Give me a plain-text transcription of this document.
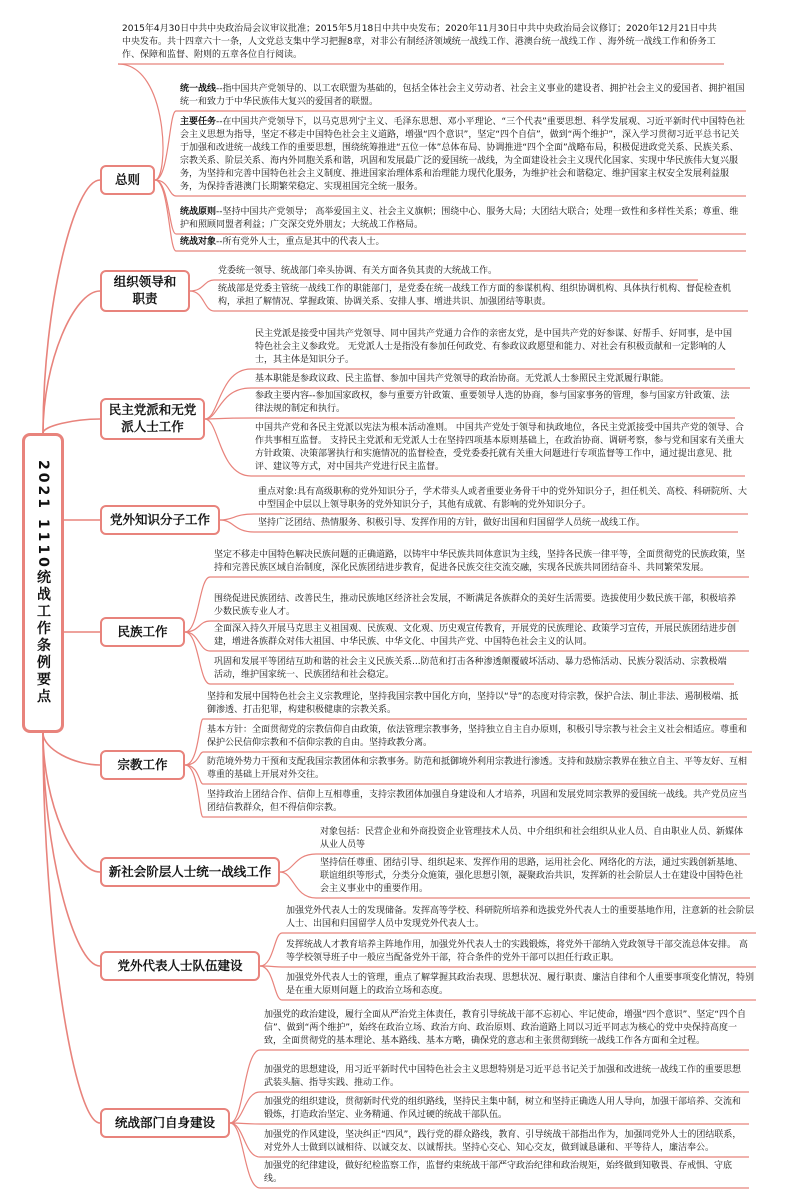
2021 1110统战工作条例要点
总则
组织领导和职责
民主党派和无党派人士工作
党外知识分子工作
民族工作
宗教工作
新社会阶层人士统一战线工作
党外代表人士队伍建设
统战部门自身建设
2015年4月30日中共中央政治局会议审议批准；2015年5月18日中共中央发布；2020年11月30日中共中央政治局会议修订；2020年12月21日中共中央发布。共十四章六十一条，人文党总支集中学习把握8章，对非公有制经济领域统一战线工作、港澳台统一战线工作 、海外统一战线工作和侨务工作、保障和监督、附则的五章各位自行阅读。
统一战线--指中国共产党领导的、以工农联盟为基础的，包括全体社会主义劳动者、社会主义事业的建设者、拥护社会主义的爱国者、拥护祖国统一和致力于中华民族伟大复兴的爱国者的联盟。
主要任务--在中国共产党领导下，以马克思列宁主义、毛泽东思想、邓小平理论、“三个代表”重要思想、科学发展观、习近平新时代中国特色社会主义思想为指导，坚定不移走中国特色社会主义道路，增强“四个意识”，坚定“四个自信”，做到“两个维护”，深入学习贯彻习近平总书记关于加强和改进统一战线工作的重要思想，围绕统筹推进“五位一体”总体布局、协调推进“四个全面”战略布局，积极促进政党关系、民族关系、宗教关系、阶层关系、海内外同胞关系和谐，巩固和发展最广泛的爱国统一战线，为全面建设社会主义现代化国家、实现中华民族伟大复兴服务，为坚持和完善中国特色社会主义制度、推进国家治理体系和治理能力现代化服务，为维护社会和谐稳定、维护国家主权安全发展利益服务，为保持香港澳门长期繁荣稳定、实现祖国完全统一服务。
统战原则--坚持中国共产党领导； 高举爱国主义、社会主义旗帜；围绕中心、服务大局；大团结大联合；处理一致性和多样性关系；尊重、维护和照顾同盟者利益；广交深交党外朋友；大统战工作格局。
统战对象--所有党外人士，重点是其中的代表人士。
党委统一领导、统战部门牵头协调、有关方面各负其责的大统战工作。
统战部是党委主管统一战线工作的职能部门，是党委在统一战线工作方面的参谋机构、组织协调机构、具体执行机构、督促检查机构，承担了解情况、掌握政策、协调关系、安排人事、增进共识、加强团结等职责。
民主党派是接受中国共产党领导、同中国共产党通力合作的亲密友党，是中国共产党的好参谋、好帮手、好同事，是中国特色社会主义参政党。 无党派人士是指没有参加任何政党、有参政议政愿望和能力、对社会有积极贡献和一定影响的人士，其主体是知识分子。
基本职能是参政议政、民主监督、参加中国共产党领导的政治协商。无党派人士参照民主党派履行职能。
参政主要内容--参加国家政权，参与重要方针政策、重要领导人选的协商，参与国家事务的管理，参与国家方针政策、法律法规的制定和执行。
中国共产党和各民主党派以宪法为根本活动准则。 中国共产党处于领导和执政地位，各民主党派接受中国共产党的领导、合作共事相互监督。 支持民主党派和无党派人士在坚持四项基本原则基础上，在政治协商、调研考察，参与党和国家有关重大方针政策、决策部署执行和实施情况的监督检查，受党委委托就有关重大问题进行专项监督等工作中，通过提出意见、批评、建议等方式，对中国共产党进行民主监督。
重点对象:具有高级职称的党外知识分子，学术带头人或者重要业务骨干中的党外知识分子，担任机关、高校、科研院所、大中型国企中层以上领导职务的党外知识分子，其他有成就、有影响的党外知识分子。
坚持广泛团结、热情服务、积极引导、发挥作用的方针，做好出国和归国留学人员统一战线工作。
坚定不移走中国特色解决民族问题的正确道路，以铸牢中华民族共同体意识为主线，坚持各民族一律平等，全面贯彻党的民族政策，坚持和完善民族区域自治制度，深化民族团结进步教育，促进各民族交往交流交融，实现各民族共同团结奋斗、共同繁荣发展。
围绕促进民族团结、改善民生，推动民族地区经济社会发展，不断满足各族群众的美好生活需要。选拔使用少数民族干部，积极培养少数民族专业人才。
全面深入持久开展马克思主义祖国观、民族观、文化观、历史观宣传教育，开展党的民族理论、政策学习宣传，开展民族团结进步创建，增进各族群众对伟大祖国、中华民族、中华文化、中国共产党、中国特色社会主义的认同。
巩固和发展平等团结互助和谐的社会主义民族关系...防范和打击各种渗透颠覆破坏活动、暴力恐怖活动、民族分裂活动、宗教极端活动，维护国家统一、民族团结和社会稳定。
坚持和发展中国特色社会主义宗教理论，坚持我国宗教中国化方向，坚持以“导”的态度对待宗教，保护合法、制止非法、遏制极端、抵御渗透、打击犯罪，构建积极健康的宗教关系。
基本方针：全面贯彻党的宗教信仰自由政策，依法管理宗教事务，坚持独立自主自办原则，积极引导宗教与社会主义社会相适应。尊重和保护公民信仰宗教和不信仰宗教的自由。坚持政教分离。
防范境外势力干预和支配我国宗教团体和宗教事务。防范和抵御境外利用宗教进行渗透。支持和鼓励宗教界在独立自主、平等友好、互相尊重的基础上开展对外交往。
坚持政治上团结合作、信仰上互相尊重，支持宗教团体加强自身建设和人才培养，巩固和发展党同宗教界的爱国统一战线。共产党员应当团结信教群众，但不得信仰宗教。
对象包括：民营企业和外商投资企业管理技术人员、中介组织和社会组织从业人员、自由职业人员、新媒体从业人员等
坚持信任尊重、团结引导、组织起来、发挥作用的思路，运用社会化、网络化的方法，通过实践创新基地、联谊组织等形式，分类分众施策，强化思想引领，凝聚政治共识，发挥新的社会阶层人士在建设中国特色社会主义事业中的重要作用。
加强党外代表人士的发现储备。发挥高等学校、科研院所培养和选拔党外代表人士的重要基地作用，注意新的社会阶层人士、出国和归国留学人员中发现党外代表人士。
发挥统战人才教育培养主阵地作用，加强党外代表人士的实践锻炼，将党外干部纳入党政领导干部交流总体安排。 高等学校领导班子中一般应当配备党外干部，符合条件的党外干部可以担任行政正职。
加强党外代表人士的管理，重点了解掌握其政治表现、思想状况、履行职责、廉洁自律和个人重要事项变化情况，特别是在重大原则问题上的政治立场和态度。
加强党的政治建设，履行全面从严治党主体责任，教育引导统战干部不忘初心、牢记使命，增强“四个意识”、坚定“四个自信”、做到“两个维护”，始终在政治立场、政治方向、政治原则、政治道路上同以习近平同志为核心的党中央保持高度一致，全面贯彻党的基本理论、基本路线、基本方略，确保党的意志和主张贯彻到统一战线工作各方面和全过程。
加强党的思想建设，用习近平新时代中国特色社会主义思想特别是习近平总书记关于加强和改进统一战线工作的重要思想武装头脑、指导实践、推动工作。
加强党的组织建设，贯彻新时代党的组织路线，坚持民主集中制，树立和坚持正确选人用人导向，加强干部培养、交流和锻炼，打造政治坚定、业务精通、作风过硬的统战干部队伍。
加强党的作风建设，坚决纠正“四风”，践行党的群众路线，教育、引导统战干部指出作为，加强同党外人士的团结联系，对党外人士做到以诚相待、以诚交友、以诚帮扶。坚持心交心、知心交友，做到诚恳谦和、平等待人，廉洁奉公。
加强党的纪律建设，做好纪检监察工作，监督约束统战干部严守政治纪律和政治规矩，始终做到知敬畏、存戒惧、守底线。
